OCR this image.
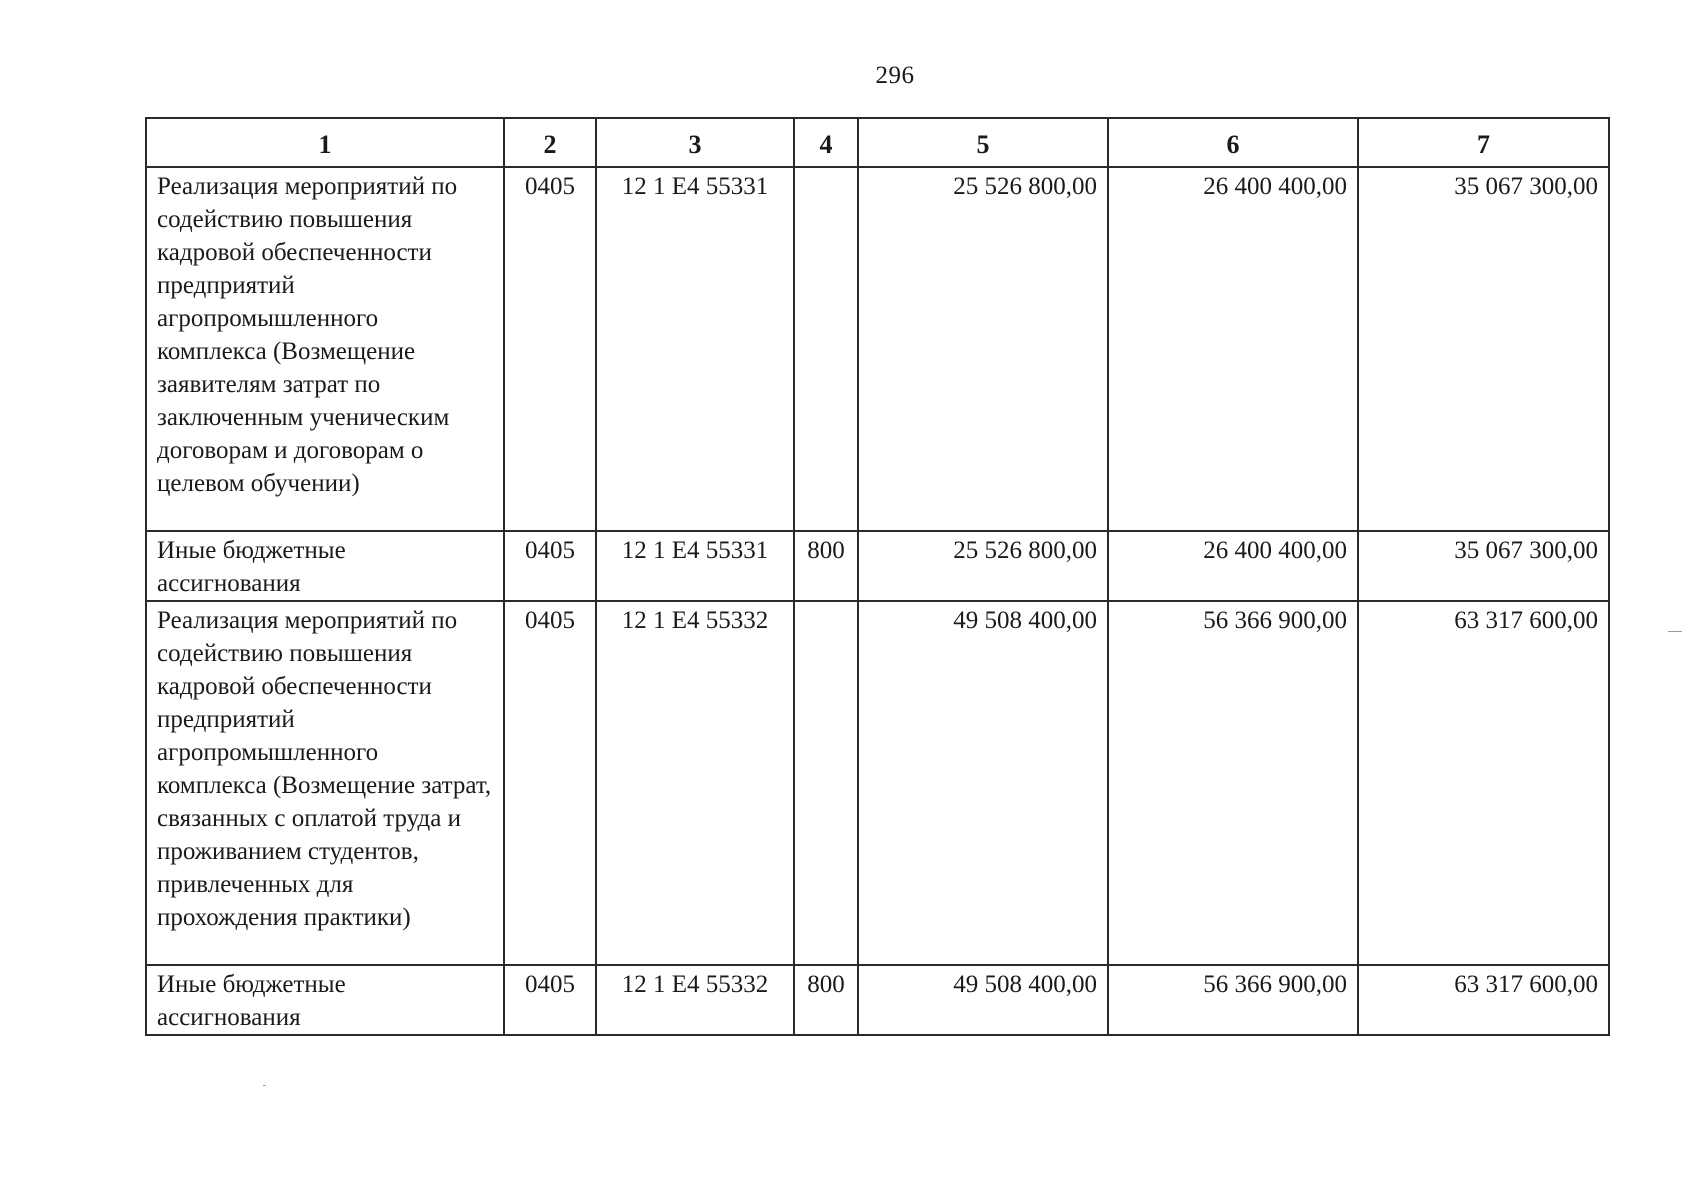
296
1	2	3	4	5	6	7
Реализация мероприятий по содействию повышения кадровой обеспеченности предприятий агропромышленного комплекса (Возмещение заявителям затрат по заключенным ученическим договорам и договорам о целевом обучении)	0405	12 1 Е4 55331		25 526 800,00	26 400 400,00	35 067 300,00
Иные бюджетные ассигнования	0405	12 1 Е4 55331	800	25 526 800,00	26 400 400,00	35 067 300,00
Реализация мероприятий по содействию повышения кадровой обеспеченности предприятий агропромышленного комплекса (Возмещение затрат, связанных с оплатой труда и проживанием студентов, привлеченных для прохождения практики)	0405	12 1 Е4 55332		49 508 400,00	56 366 900,00	63 317 600,00
Иные бюджетные ассигнования	0405	12 1 Е4 55332	800	49 508 400,00	56 366 900,00	63 317 600,00
